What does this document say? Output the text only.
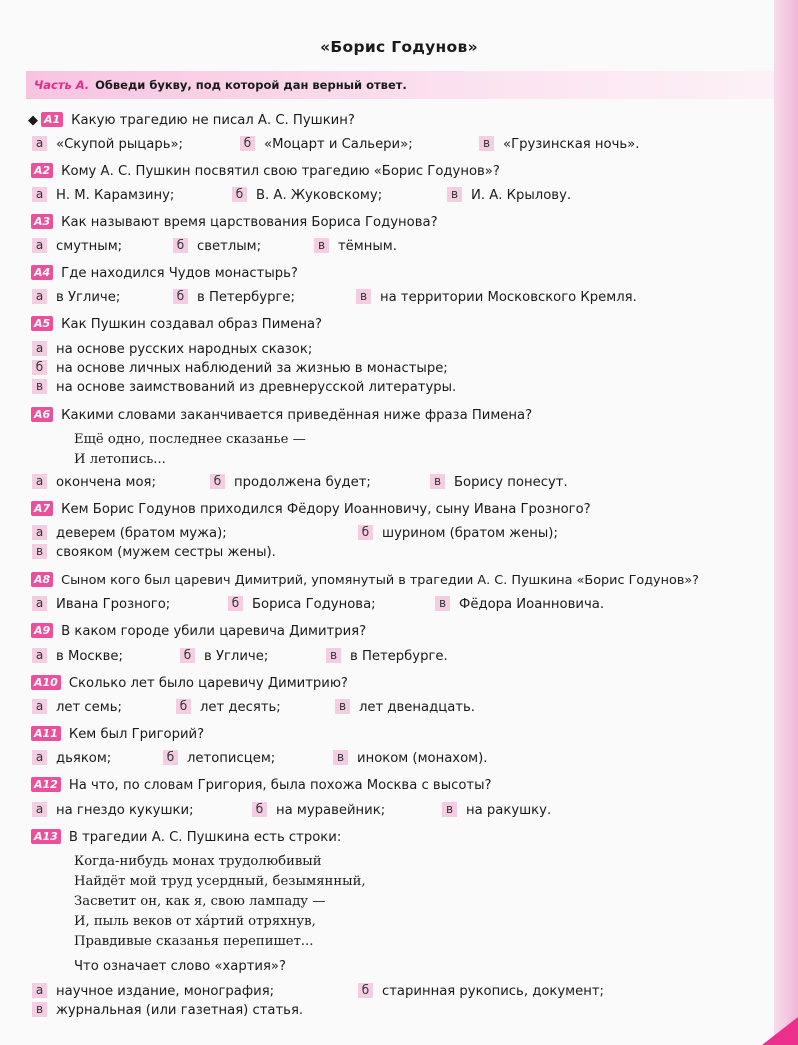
«Борис Годунов»
Часть А. Обведи букву, под которой дан верный ответ.
◆ А1 Какую трагедию не писал А. С. Пушкин?
а «Скупой рыцарь»;	б «Моцарт и Сальери»;	в «Грузинская ночь».
А2 Кому А. С. Пушкин посвятил свою трагедию «Борис Годунов»?
а Н. М. Карамзину;	б В. А. Жуковскому;	в И. А. Крылову.
А3 Как называют время царствования Бориса Годунова?
а смутным;	б светлым;	в тёмным.
А4 Где находился Чудов монастырь?
а в Угличе;	б в Петербурге;	в на территории Московского Кремля.
А5 Как Пушкин создавал образ Пимена?
а на основе русских народных сказок;
б на основе личных наблюдений за жизнью в монастыре;
в на основе заимствований из древнерусской литературы.
А6 Какими словами заканчивается приведённая ниже фраза Пимена?
Ещё одно, последнее сказанье —
И летопись...
а окончена моя;	б продолжена будет;	в Борису понесут.
А7 Кем Борис Годунов приходился Фёдору Иоанновичу, сыну Ивана Грозного?
а деверем (братом мужа);	б шурином (братом жены);
в свояком (мужем сестры жены).
А8 Сыном кого был царевич Димитрий, упомянутый в трагедии А. С. Пушкина «Борис Годунов»?
а Ивана Грозного;	б Бориса Годунова;	в Фёдора Иоанновича.
А9 В каком городе убили царевича Димитрия?
а в Москве;	б в Угличе;	в в Петербурге.
А10 Сколько лет было царевичу Димитрию?
а лет семь;	б лет десять;	в лет двенадцать.
А11 Кем был Григорий?
а дьяком;	б летописцем;	в иноком (монахом).
А12 На что, по словам Григория, была похожа Москва с высоты?
а на гнездо кукушки;	б на муравейник;	в на ракушку.
А13 В трагедии А. С. Пушкина есть строки:
Когда-нибудь монах трудолюбивый
Найдёт мой труд усердный, безымянный,
Засветит он, как я, свою лампаду —
И, пыль веков от ха́ртий отряхнув,
Правдивые сказанья перепишет...
Что означает слово «хартия»?
а научное издание, монография;	б старинная рукопись, документ;
в журнальная (или газетная) статья.
